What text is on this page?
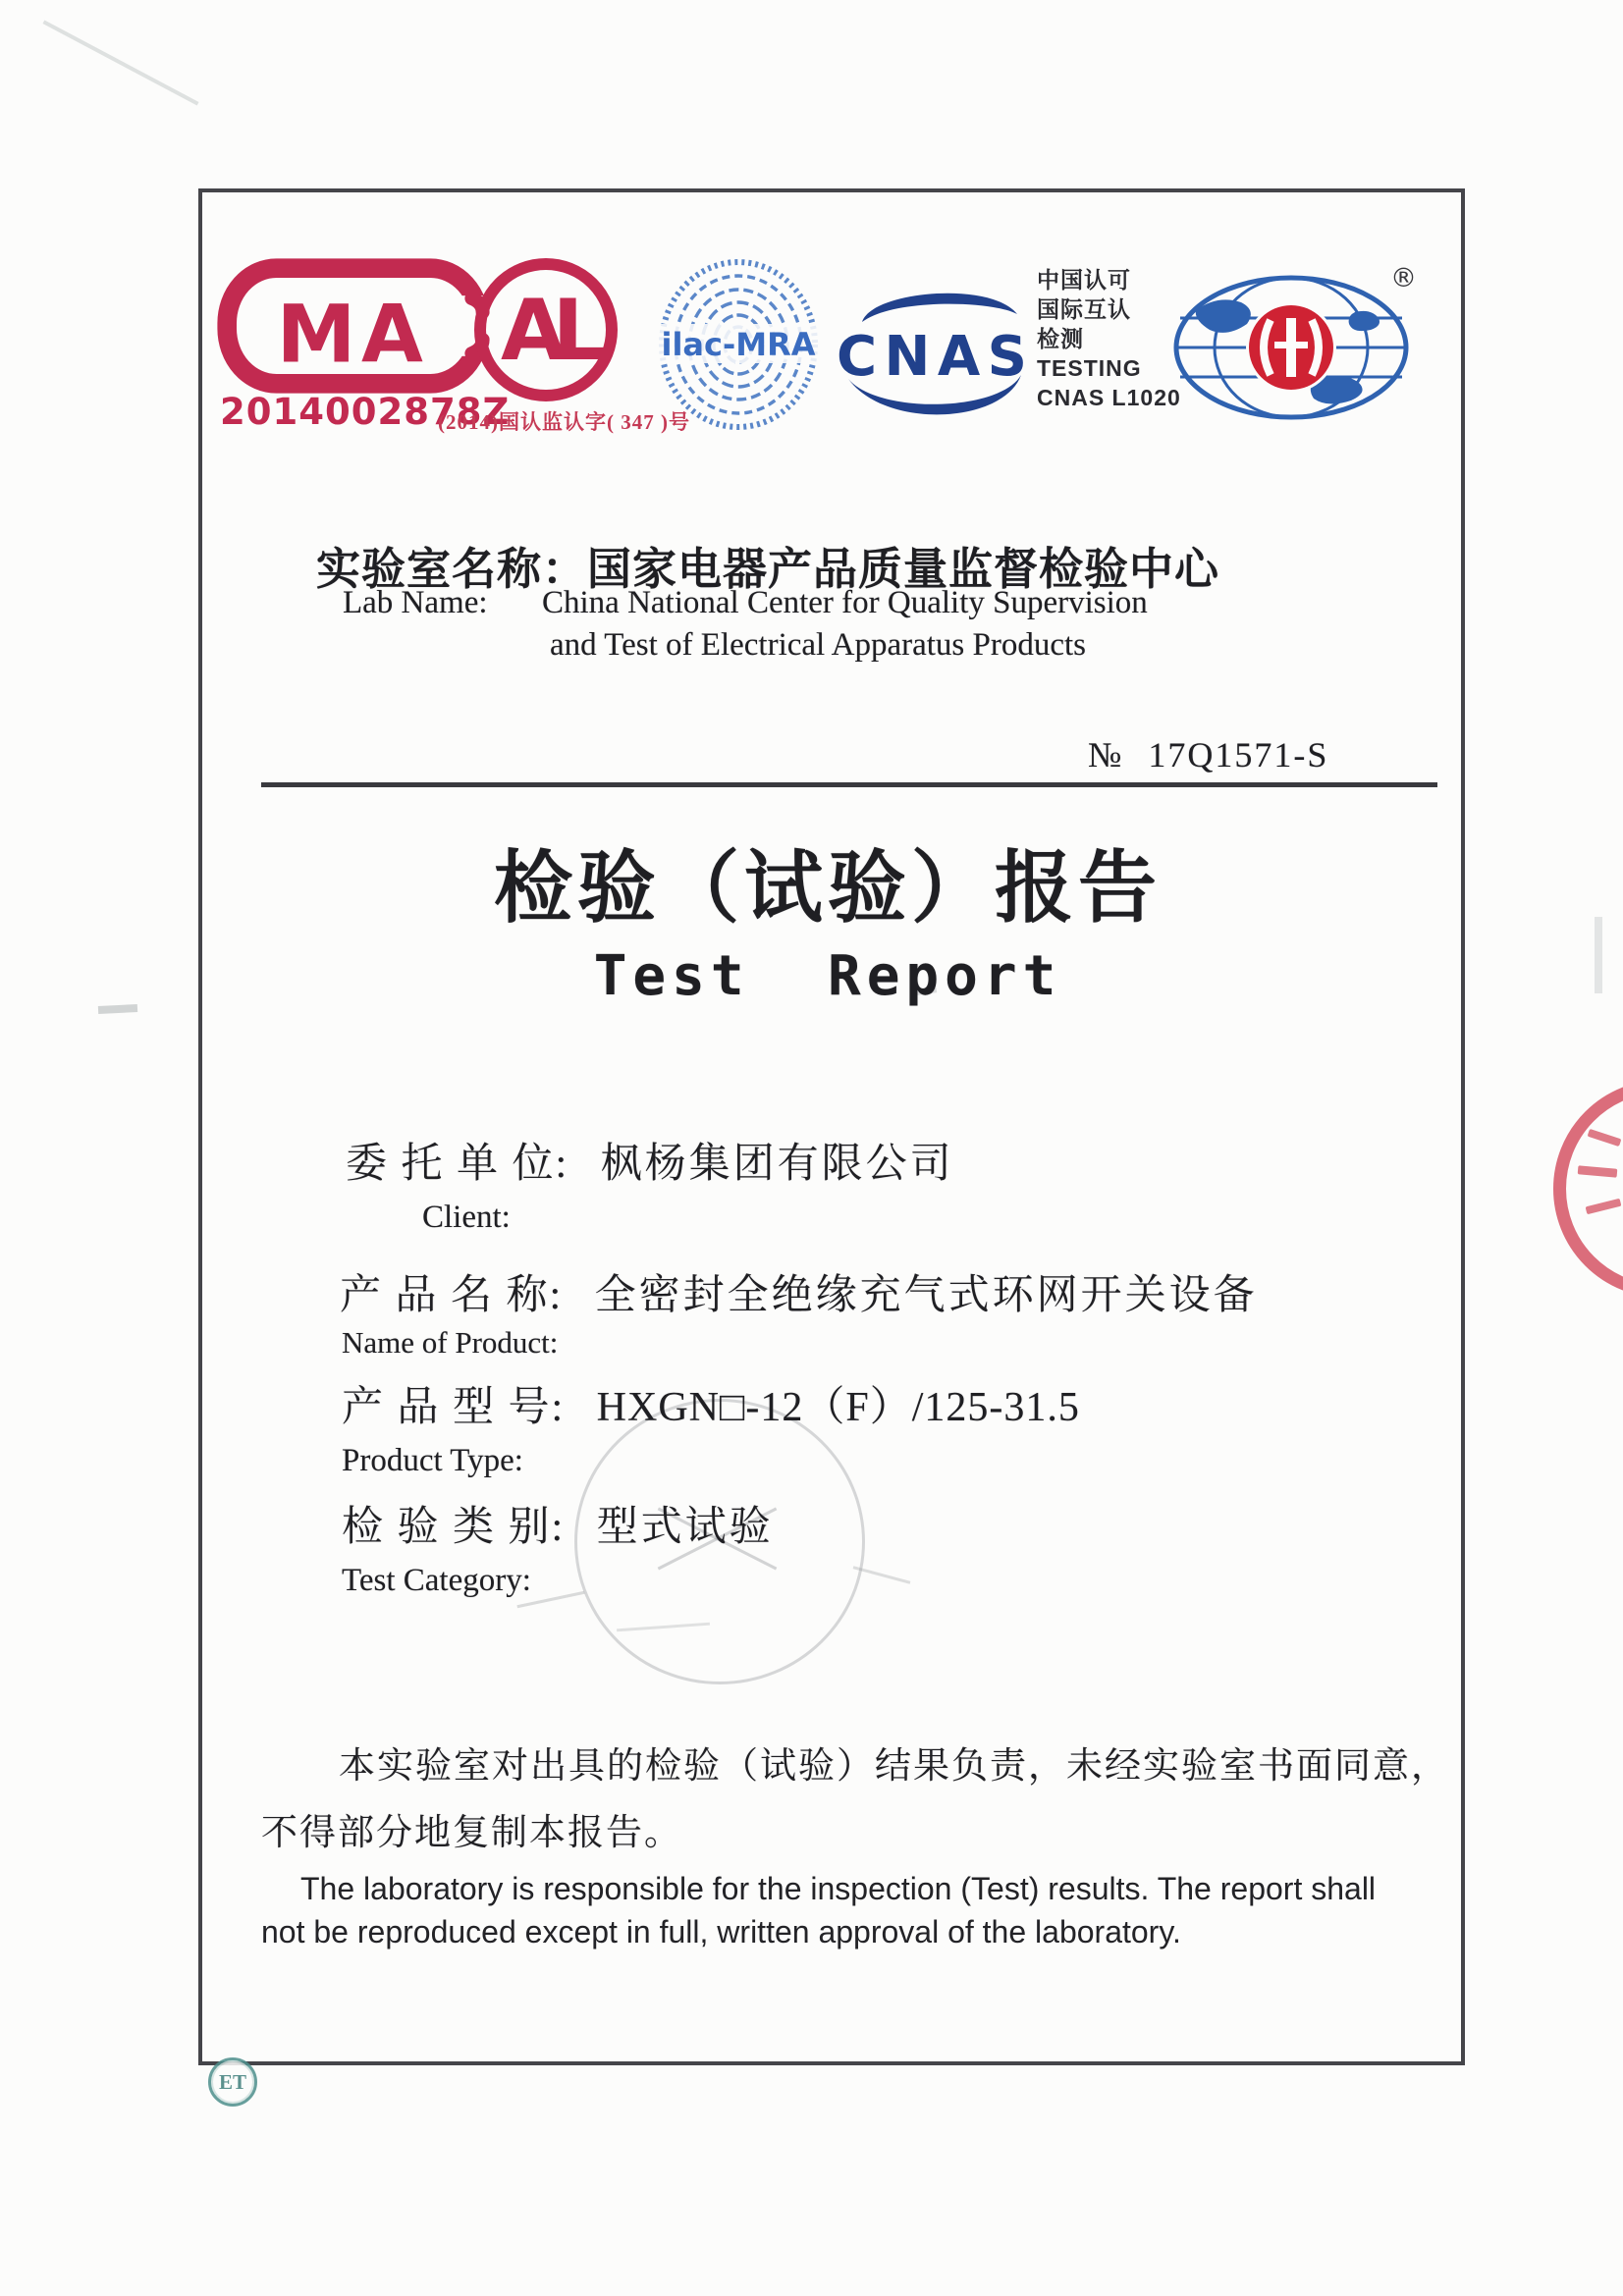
MA
2014002878Z
AL
(2014)国认监认字( 347 )号
ilac-MRA CNAS
中国认可
国际互认
检测
TESTING
CNAS L1020
®
实验室名称：国家电器产品质量监督检验中心
Lab Name: China National Center for Quality Supervision
and Test of Electrical Apparatus Products
№ 17Q1571-S
检验（试验）报告
Test  Report
委 托 单 位: 枫杨集团有限公司
Client:
产 品 名 称: 全密封全绝缘充气式环网开关设备
Name of Product:
产 品 型 号: HXGN□-12（F）/125-31.5
Product Type:
检 验 类 别: 型式试验
Test Category:
本实验室对出具的检验（试验）结果负责，未经实验室书面同意，
不得部分地复制本报告。
The laboratory is responsible for the inspection (Test) results. The report shall
not be reproduced except in full, written approval of the laboratory.
ET
